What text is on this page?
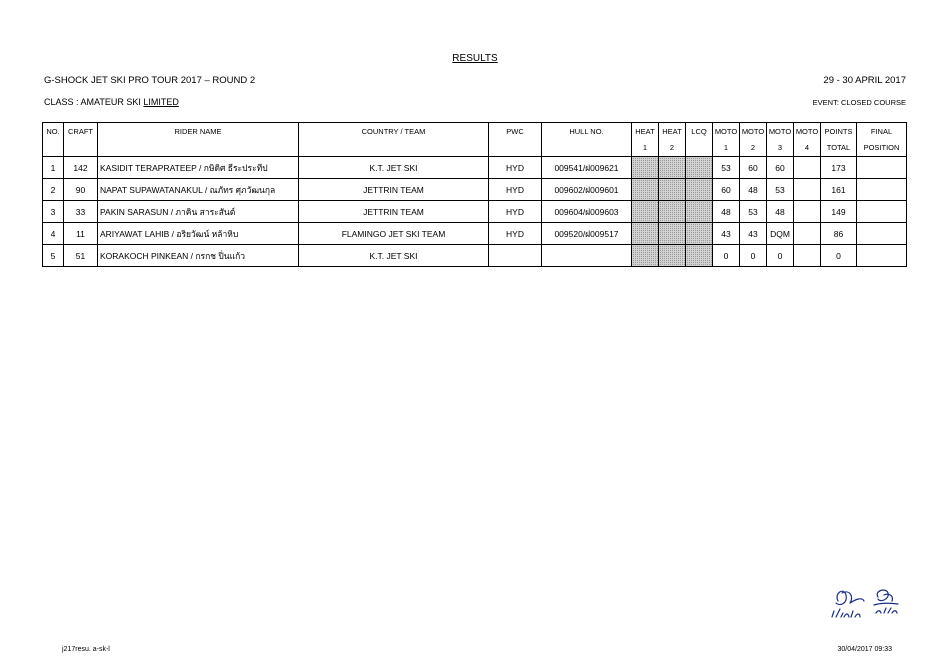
RESULTS
G-SHOCK JET SKI PRO TOUR 2017 – ROUND 2	29 - 30 APRIL 2017
CLASS : AMATEUR SKI LIMITED	EVENT: CLOSED COURSE
NO.	CRAFT	RIDER NAME	COUNTRY / TEAM	PWC	HULL NO.	HEAT	HEAT	LCQ	MOTO	MOTO	MOTO	MOTO	POINTS	FINAL
						1	2		1	2	3	4	TOTAL	POSITION
1	142	KASIDIT TERAPRATEEP / กษิดิศ ธีระประทีป	K.T. JET SKI	HYD	009541/ฝ009621				53	60	60		173	
2	90	NAPAT SUPAWATANAKUL / ณภัทร ศุภวัฒนกุล	JETTRIN TEAM	HYD	009602/ฝ009601				60	48	53		161	
3	33	PAKIN SARASUN / ภาคิน สาระสันต์	JETTRIN TEAM	HYD	009604/ฝ009603				48	53	48		149	
4	11	ARIYAWAT LAHIB / อริยวัฒน์ หล้าหิบ	FLAMINGO JET SKI TEAM	HYD	009520/ฝ009517				43	43	DQM		86	
5	51	KORAKOCH PINKEAN / กรกช ปิ่นแก้ว	K.T. JET SKI						0	0	0		0	
j217resu. a-sk-l	30/04/2017 09:33
